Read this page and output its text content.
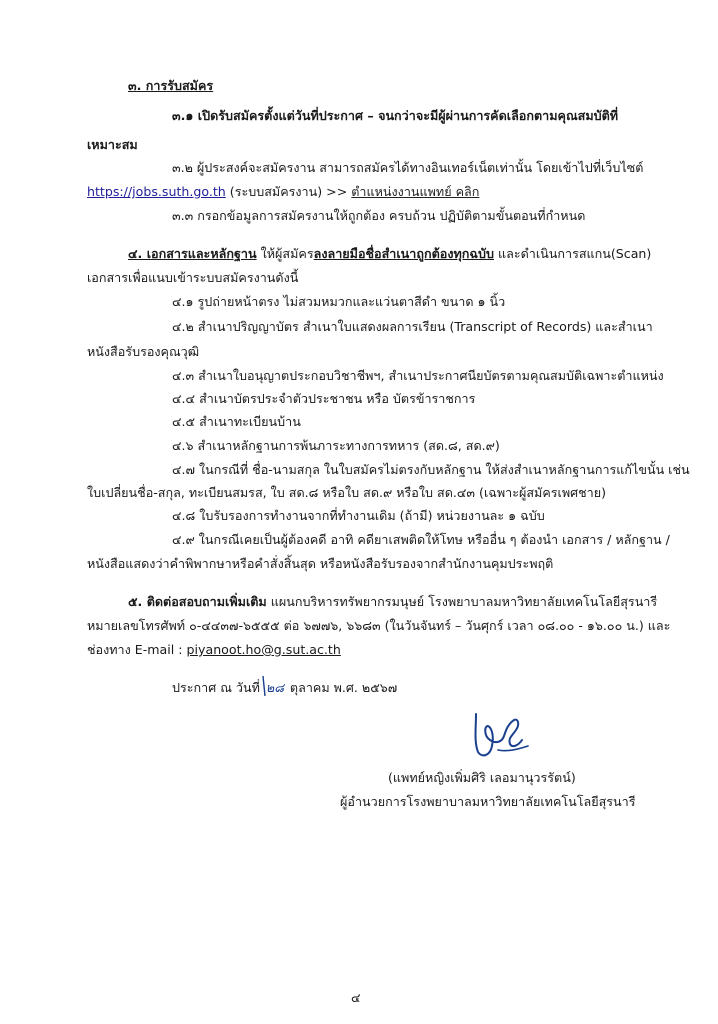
๓. การรับสมัคร
๓.๑ เปิดรับสมัครตั้งแต่วันที่ประกาศ – จนกว่าจะมีผู้ผ่านการคัดเลือกตามคุณสมบัติที่
เหมาะสม
๓.๒ ผู้ประสงค์จะสมัครงาน สามารถสมัครได้ทางอินเทอร์เน็ตเท่านั้น โดยเข้าไปที่เว็บไซต์
https://jobs.suth.go.th (ระบบสมัครงาน) >> ตำแหน่งงานแพทย์ คลิก
๓.๓ กรอกข้อมูลการสมัครงานให้ถูกต้อง ครบถ้วน ปฏิบัติตามขั้นตอนที่กำหนด
๔. เอกสารและหลักฐาน ให้ผู้สมัครลงลายมือชื่อสำเนาถูกต้องทุกฉบับ และดำเนินการสแกน(Scan)
เอกสารเพื่อแนบเข้าระบบสมัครงานดังนี้
๔.๑ รูปถ่ายหน้าตรง ไม่สวมหมวกและแว่นตาสีดำ ขนาด ๑ นิ้ว
๔.๒ สำเนาปริญญาบัตร สำเนาใบแสดงผลการเรียน (Transcript of Records) และสำเนา
หนังสือรับรองคุณวุฒิ
๔.๓ สำเนาใบอนุญาตประกอบวิชาชีพฯ, สำเนาประกาศนียบัตรตามคุณสมบัติเฉพาะตำแหน่ง
๔.๔ สำเนาบัตรประจำตัวประชาชน หรือ บัตรข้าราชการ
๔.๕ สำเนาทะเบียนบ้าน
๔.๖ สำเนาหลักฐานการพ้นภาระทางการทหาร (สด.๘, สด.๙)
๔.๗ ในกรณีที่ ชื่อ-นามสกุล ในใบสมัครไม่ตรงกับหลักฐาน ให้ส่งสำเนาหลักฐานการแก้ไขนั้น เช่น
ใบเปลี่ยนชื่อ-สกุล, ทะเบียนสมรส, ใบ สด.๘ หรือใบ สด.๙ หรือใบ สด.๔๓ (เฉพาะผู้สมัครเพศชาย)
๔.๘ ใบรับรองการทำงานจากที่ทำงานเดิม (ถ้ามี) หน่วยงานละ ๑ ฉบับ
๔.๙ ในกรณีเคยเป็นผู้ต้องคดี อาทิ คดียาเสพติดให้โทษ หรืออื่น ๆ ต้องนำ เอกสาร / หลักฐาน /
หนังสือแสดงว่าคำพิพากษาหรือคำสั่งสิ้นสุด หรือหนังสือรับรองจากสำนักงานคุมประพฤติ
๕. ติดต่อสอบถามเพิ่มเติม แผนกบริหารทรัพยากรมนุษย์ โรงพยาบาลมหาวิทยาลัยเทคโนโลยีสุรนารี
หมายเลขโทรศัพท์ ๐-๔๔๓๗-๖๕๕๕ ต่อ ๖๗๗๖, ๖๖๘๓ (ในวันจันทร์ – วันศุกร์ เวลา ๐๘.๐๐ - ๑๖.๐๐ น.) และ
ช่องทาง E-mail : piyanoot.ho@g.sut.ac.th
ประกาศ ณ วันที่ ๒๘
ตุลาคม พ.ศ. ๒๕๖๗
(แพทย์หญิงเพิ่มศิริ เลอมานุวรรัตน์)
ผู้อำนวยการโรงพยาบาลมหาวิทยาลัยเทคโนโลยีสุรนารี
๔
